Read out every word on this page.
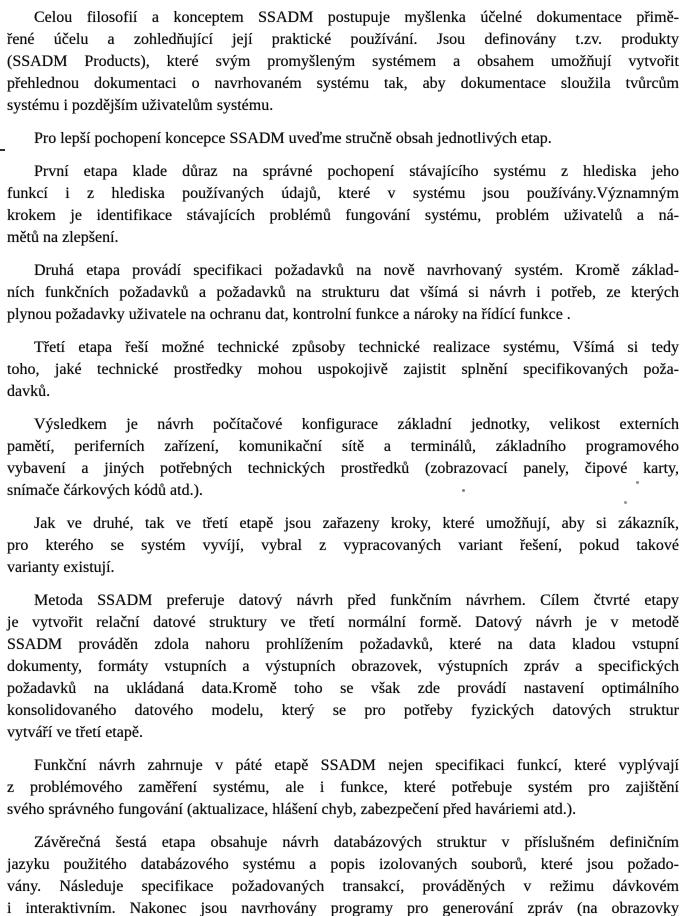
Celou filosofií a konceptem SSADM postupuje myšlenka účelné dokumentace přimě-
řené účelu a zohledňující její praktické používání. Jsou definovány t.zv. produkty
(SSADM Products), které svým promyšleným systémem a obsahem umožňují vytvořit
přehlednou dokumentaci o navrhovaném systému tak, aby dokumentace sloužila tvůrcům
systému i pozdějším uživatelům systému.
Pro lepší pochopení koncepce SSADM uveďme stručně obsah jednotlivých etap.
První etapa klade důraz na správné pochopení stávajícího systému z hlediska jeho
funkcí i z hlediska používaných údajů, které v systému jsou používány.Významným
krokem je identifikace stávajících problémů fungování systému, problém uživatelů a ná-
mětů na zlepšení.
Druhá etapa provádí specifikaci požadavků na nově navrhovaný systém. Kromě základ-
ních funkčních požadavků a požadavků na strukturu dat všímá si návrh i potřeb, ze kterých
plynou požadavky uživatele na ochranu dat, kontrolní funkce a nároky na řídící funkce .
Třetí etapa řeší možné technické způsoby technické realizace systému, Všímá si tedy
toho, jaké technické prostředky mohou uspokojivě zajistit splnění specifikovaných poža-
davků.
Výsledkem je návrh počítačové konfigurace základní jednotky, velikost externích
pamětí, periferních zařízení, komunikační sítě a terminálů, základního programového
vybavení a jiných potřebných technických prostředků (zobrazovací panely, čipové karty,
snímače čárkových kódů atd.).
Jak ve druhé, tak ve třetí etapě jsou zařazeny kroky, které umožňují, aby si zákazník,
pro kterého se systém vyvíjí, vybral z vypracovaných variant řešení, pokud takové
varianty existují.
Metoda SSADM preferuje datový návrh před funkčním návrhem. Cílem čtvrté etapy
je vytvořit relační datové struktury ve třetí normální formě. Datový návrh je v metodě
SSADM prováděn zdola nahoru prohlížením požadavků, které na data kladou vstupní
dokumenty, formáty vstupních a výstupních obrazovek, výstupních zpráv a specifických
požadavků na ukládaná data.Kromě toho se však zde provádí nastavení optimálního
konsolidovaného datového modelu, který se pro potřeby fyzických datových struktur
vytváří ve třetí etapě.
Funkční návrh zahrnuje v páté etapě SSADM nejen specifikaci funkcí, které vyplývají
z problémového zaměření systému, ale i funkce, které potřebuje systém pro zajištění
svého správného fungování (aktualizace, hlášení chyb, zabezpečení před haváriemi atd.).
Závěrečná šestá etapa obsahuje návrh databázových struktur v příslušném definičním
jazyku použitého databázového systému a popis izolovaných souborů, které jsou požado-
vány. Následuje specifikace požadovaných transakcí, prováděných v režimu dávkovém
i interaktivním. Nakonec jsou navrhovány programy pro generování zpráv (na obrazovky
